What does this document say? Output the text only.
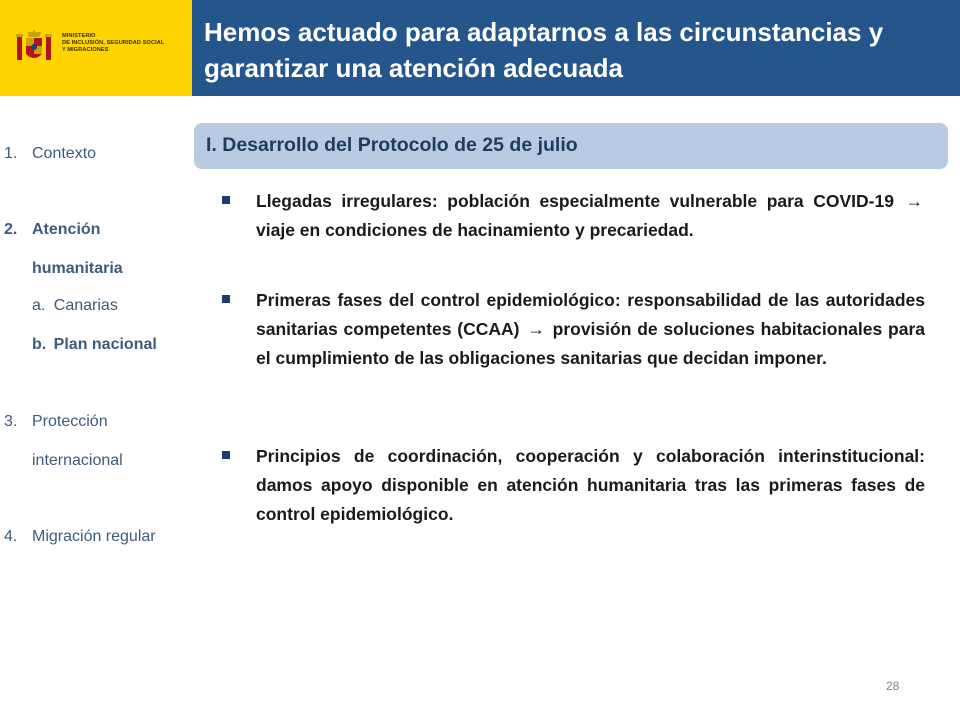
MINISTERIO
DE INCLUSIÓN, SEGURIDAD SOCIAL
Y MIGRACIONES
Hemos actuado para adaptarnos a las circunstancias y
garantizar una atención adecuada
1. Contexto
2. Atención
humanitaria
a. Canarias
b. Plan nacional
3. Protección
internacional
4. Migración regular
I. Desarrollo del Protocolo de 25 de julio
Llegadas irregulares: población especialmente vulnerable para COVID-19 → viaje en condiciones de hacinamiento y precariedad.
Primeras fases del control epidemiológico: responsabilidad de las autoridades sanitarias competentes (CCAA) → provisión de soluciones habitacionales para el cumplimiento de las obligaciones sanitarias que decidan imponer.
Principios de coordinación, cooperación y colaboración interinstitucional: damos apoyo disponible en atención humanitaria tras las primeras fases de control epidemiológico.
28
